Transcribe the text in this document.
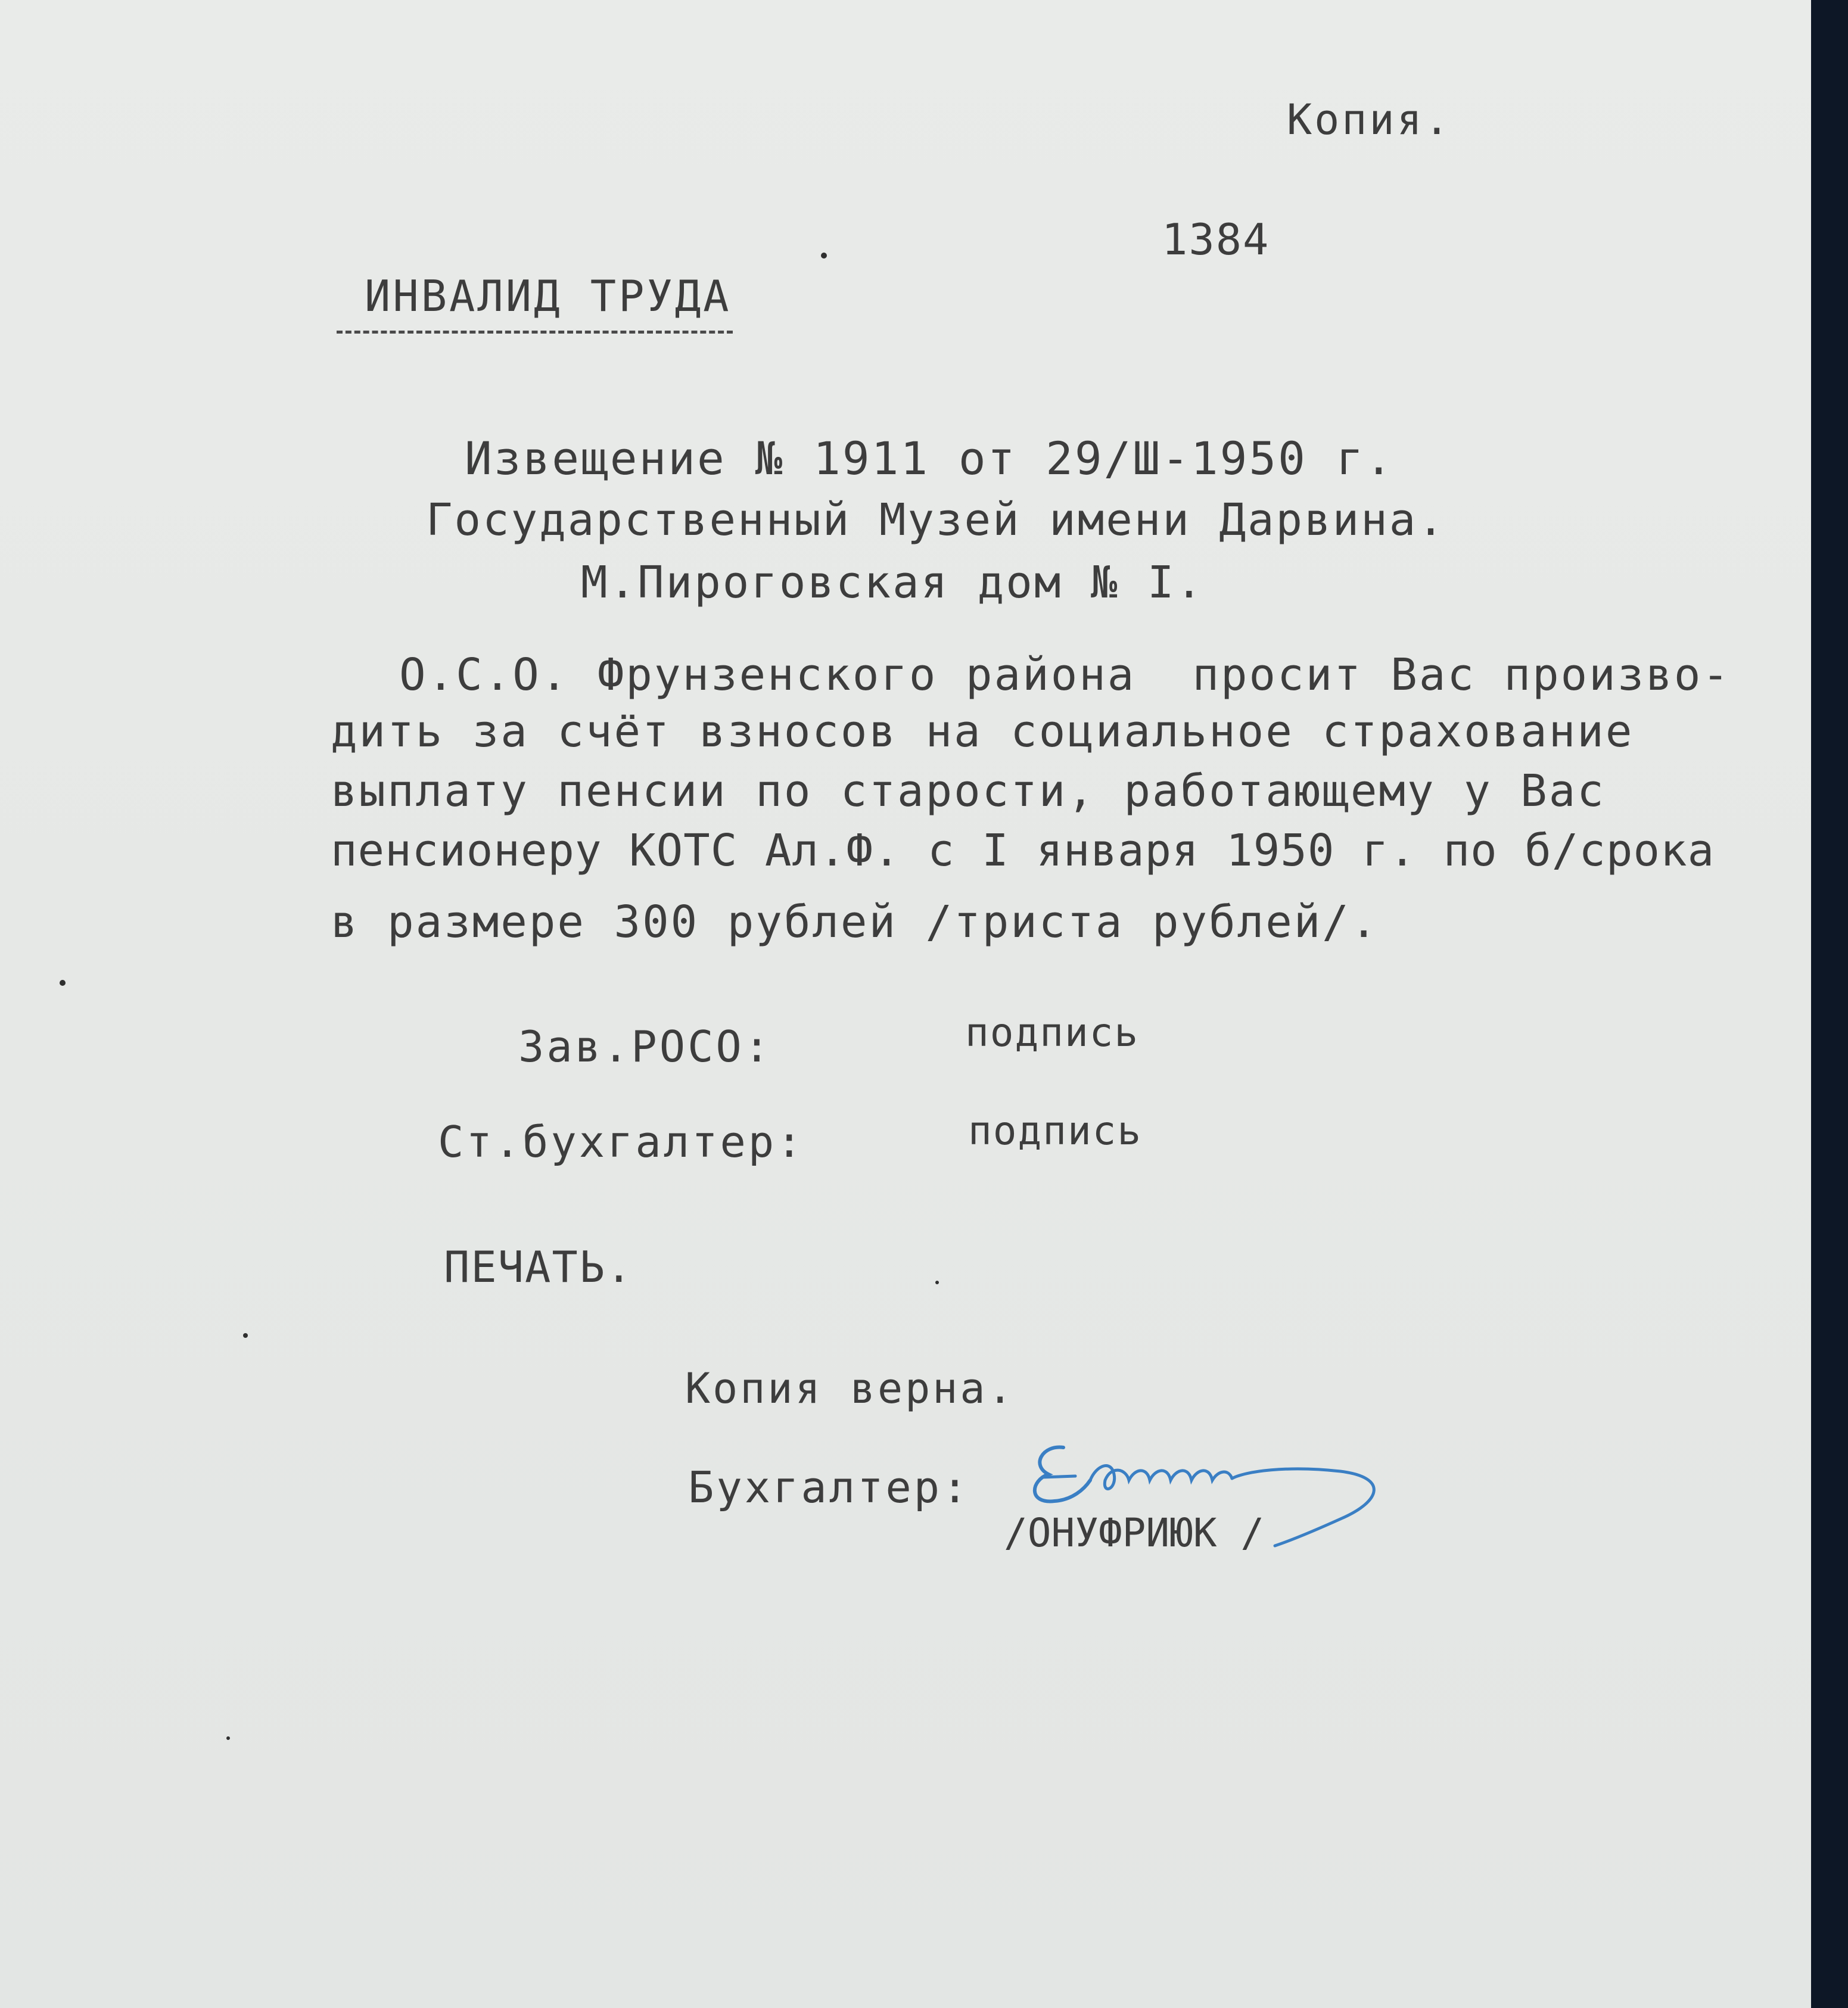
Копия.
1384
ИНВАЛИД ТРУДА
Извещение № 1911 от 29/Ш-1950 г.
Государственный Музей имени Дарвина.
М.Пироговская дом № I.
О.С.О. Фрунзенского района  просит Вас произво-
дить за счёт взносов на социальное страхование
выплату пенсии по старости, работающему у Вас
пенсионеру КОТС Ал.Ф. с I января 1950 г. по б/срока
в размере 300 рублей /триста рублей/.
Зав.РОСО:	подпись
Ст.бухгалтер:	подпись
ПЕЧАТЬ.
Копия верна.
Бухгалтер:
/ОНУФРИЮК /
